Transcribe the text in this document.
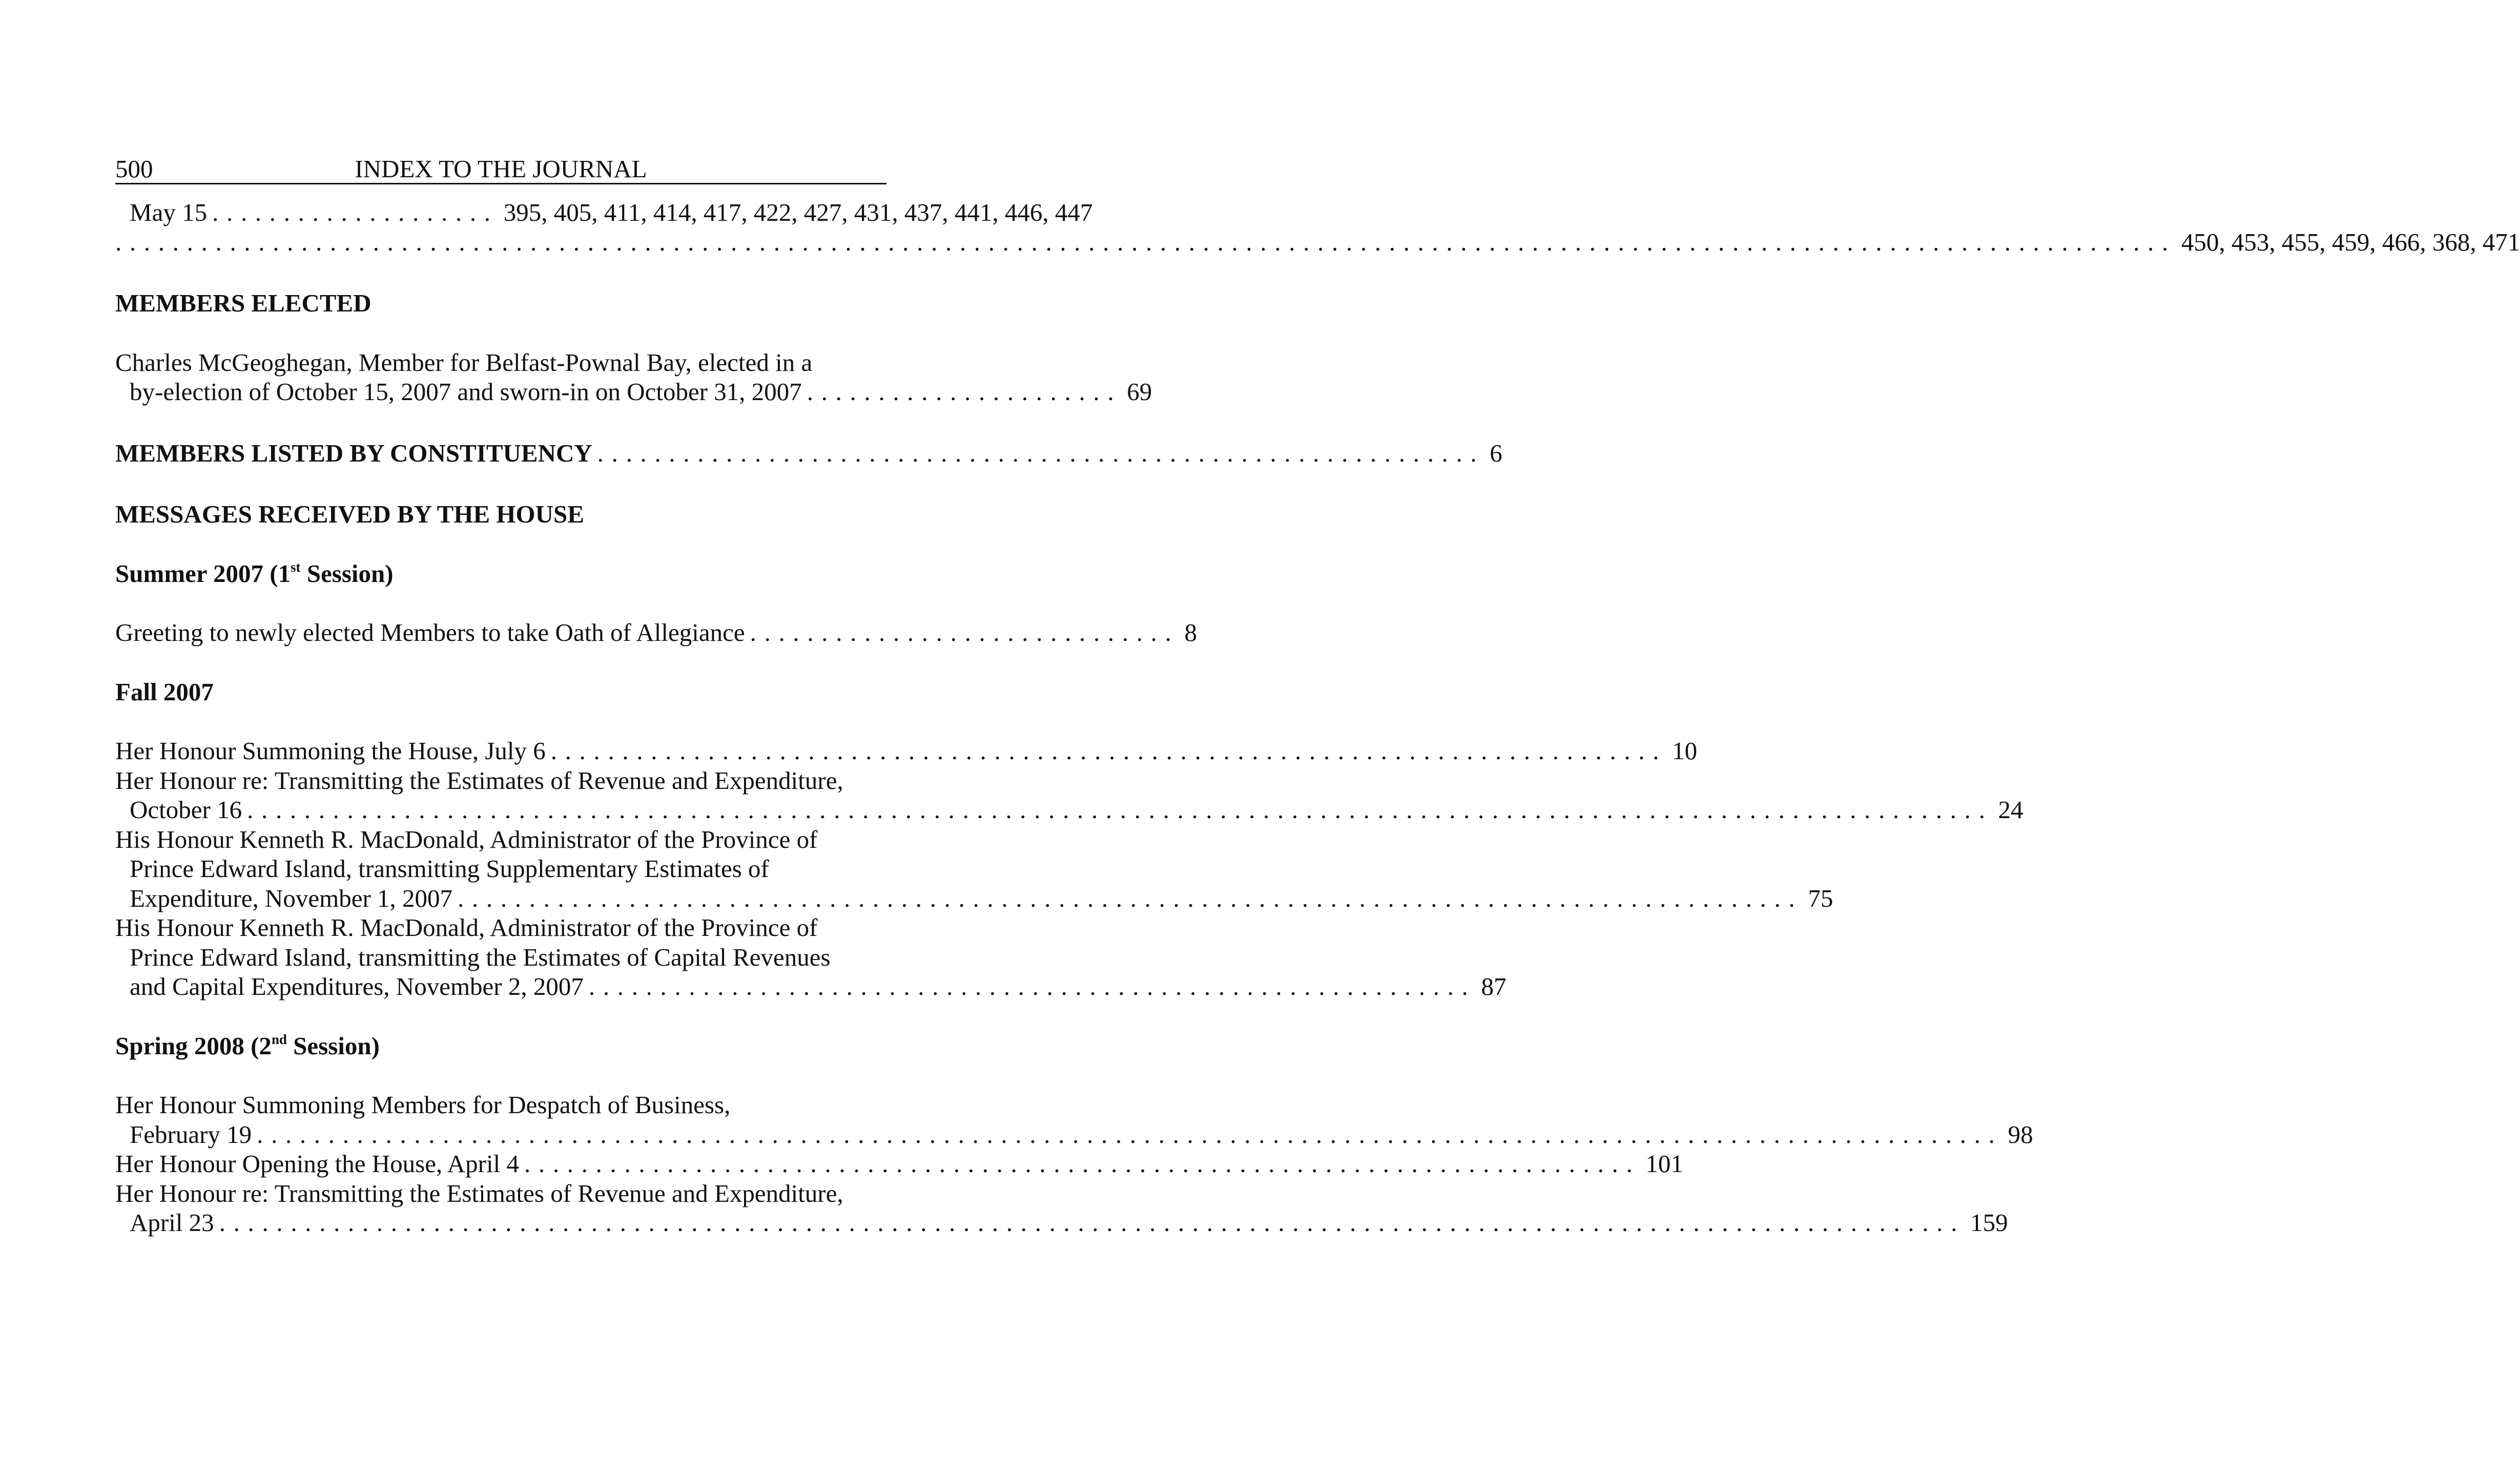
500	INDEX TO THE JOURNAL
May 15 .................... 395, 405, 411, 414, 417, 422, 427, 431, 437, 441, 446, 447
................................................................................................................................................ 450, 453, 455, 459, 466, 368, 471
MEMBERS ELECTED
Charles McGeoghegan, Member for Belfast-Pownal Bay, elected in a
by-election of October 15, 2007 and sworn-in on October 31, 2007 ...................... 69
MEMBERS LISTED BY CONSTITUENCY .............................................................. 6
MESSAGES RECEIVED BY THE HOUSE
Summer 2007 (1st Session)
Greeting to newly elected Members to take Oath of Allegiance .............................. 8
Fall 2007
Her Honour Summoning the House, July 6 .............................................................................. 10
Her Honour re: Transmitting the Estimates of Revenue and Expenditure,
October 16 .......................................................................................................................... 24
His Honour Kenneth R. MacDonald, Administrator of the Province of
Prince Edward Island, transmitting Supplementary Estimates of
Expenditure, November 1, 2007 .............................................................................................. 75
His Honour Kenneth R. MacDonald, Administrator of the Province of
Prince Edward Island, transmitting the Estimates of Capital Revenues
and Capital Expenditures, November 2, 2007 .............................................................. 87
Spring 2008 (2nd Session)
Her Honour Summoning Members for Despatch of Business,
February 19 .......................................................................................................................... 98
Her Honour Opening the House, April 4 .............................................................................. 101
Her Honour re: Transmitting the Estimates of Revenue and Expenditure,
April 23 .......................................................................................................................... 159
